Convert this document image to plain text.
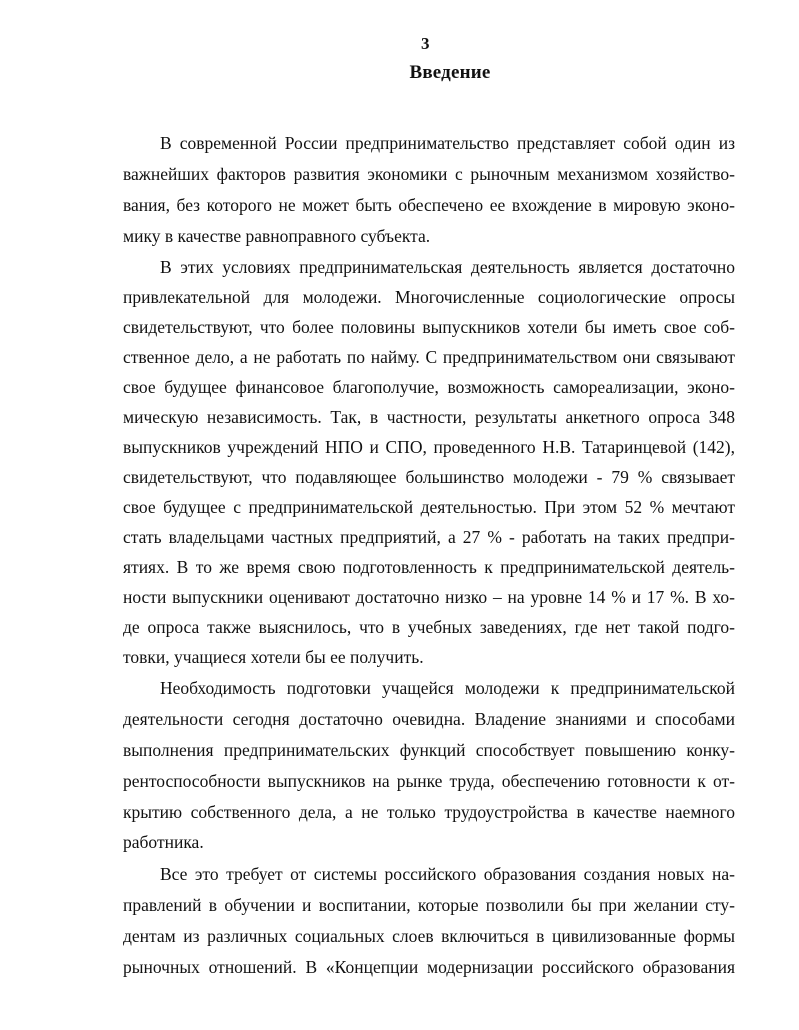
3
Введение
В современной России предпринимательство представляет собой один из
важнейших факторов развития экономики с рыночным механизмом хозяйство-
вания, без которого не может быть обеспечено ее вхождение в мировую эконо-
мику в качестве равноправного субъекта.
В этих условиях предпринимательская деятельность является достаточно
привлекательной для молодежи. Многочисленные социологические опросы
свидетельствуют, что более половины выпускников хотели бы иметь свое соб-
ственное дело, а не работать по найму. С предпринимательством они связывают
свое будущее финансовое благополучие, возможность самореализации, эконо-
мическую независимость. Так, в частности, результаты анкетного опроса 348
выпускников учреждений НПО и СПО, проведенного Н.В. Татаринцевой (142),
свидетельствуют, что подавляющее большинство молодежи - 79 % связывает
свое будущее с предпринимательской деятельностью. При этом 52 % мечтают
стать владельцами частных предприятий, а 27 % - работать на таких предпри-
ятиях. В то же время свою подготовленность к предпринимательской деятель-
ности выпускники оценивают достаточно низко – на уровне 14 % и 17 %. В хо-
де опроса также выяснилось, что в учебных заведениях, где нет такой подго-
товки, учащиеся хотели бы ее получить.
Необходимость подготовки учащейся молодежи к предпринимательской
деятельности сегодня достаточно очевидна. Владение знаниями и способами
выполнения предпринимательских функций способствует повышению конку-
рентоспособности выпускников на рынке труда, обеспечению готовности к от-
крытию собственного дела, а не только трудоустройства в качестве наемного
работника.
Все это требует от системы российского образования создания новых на-
правлений в обучении и воспитании, которые позволили бы при желании сту-
дентам из различных социальных слоев включиться в цивилизованные формы
рыночных отношений. В «Концепции модернизации российского образования
